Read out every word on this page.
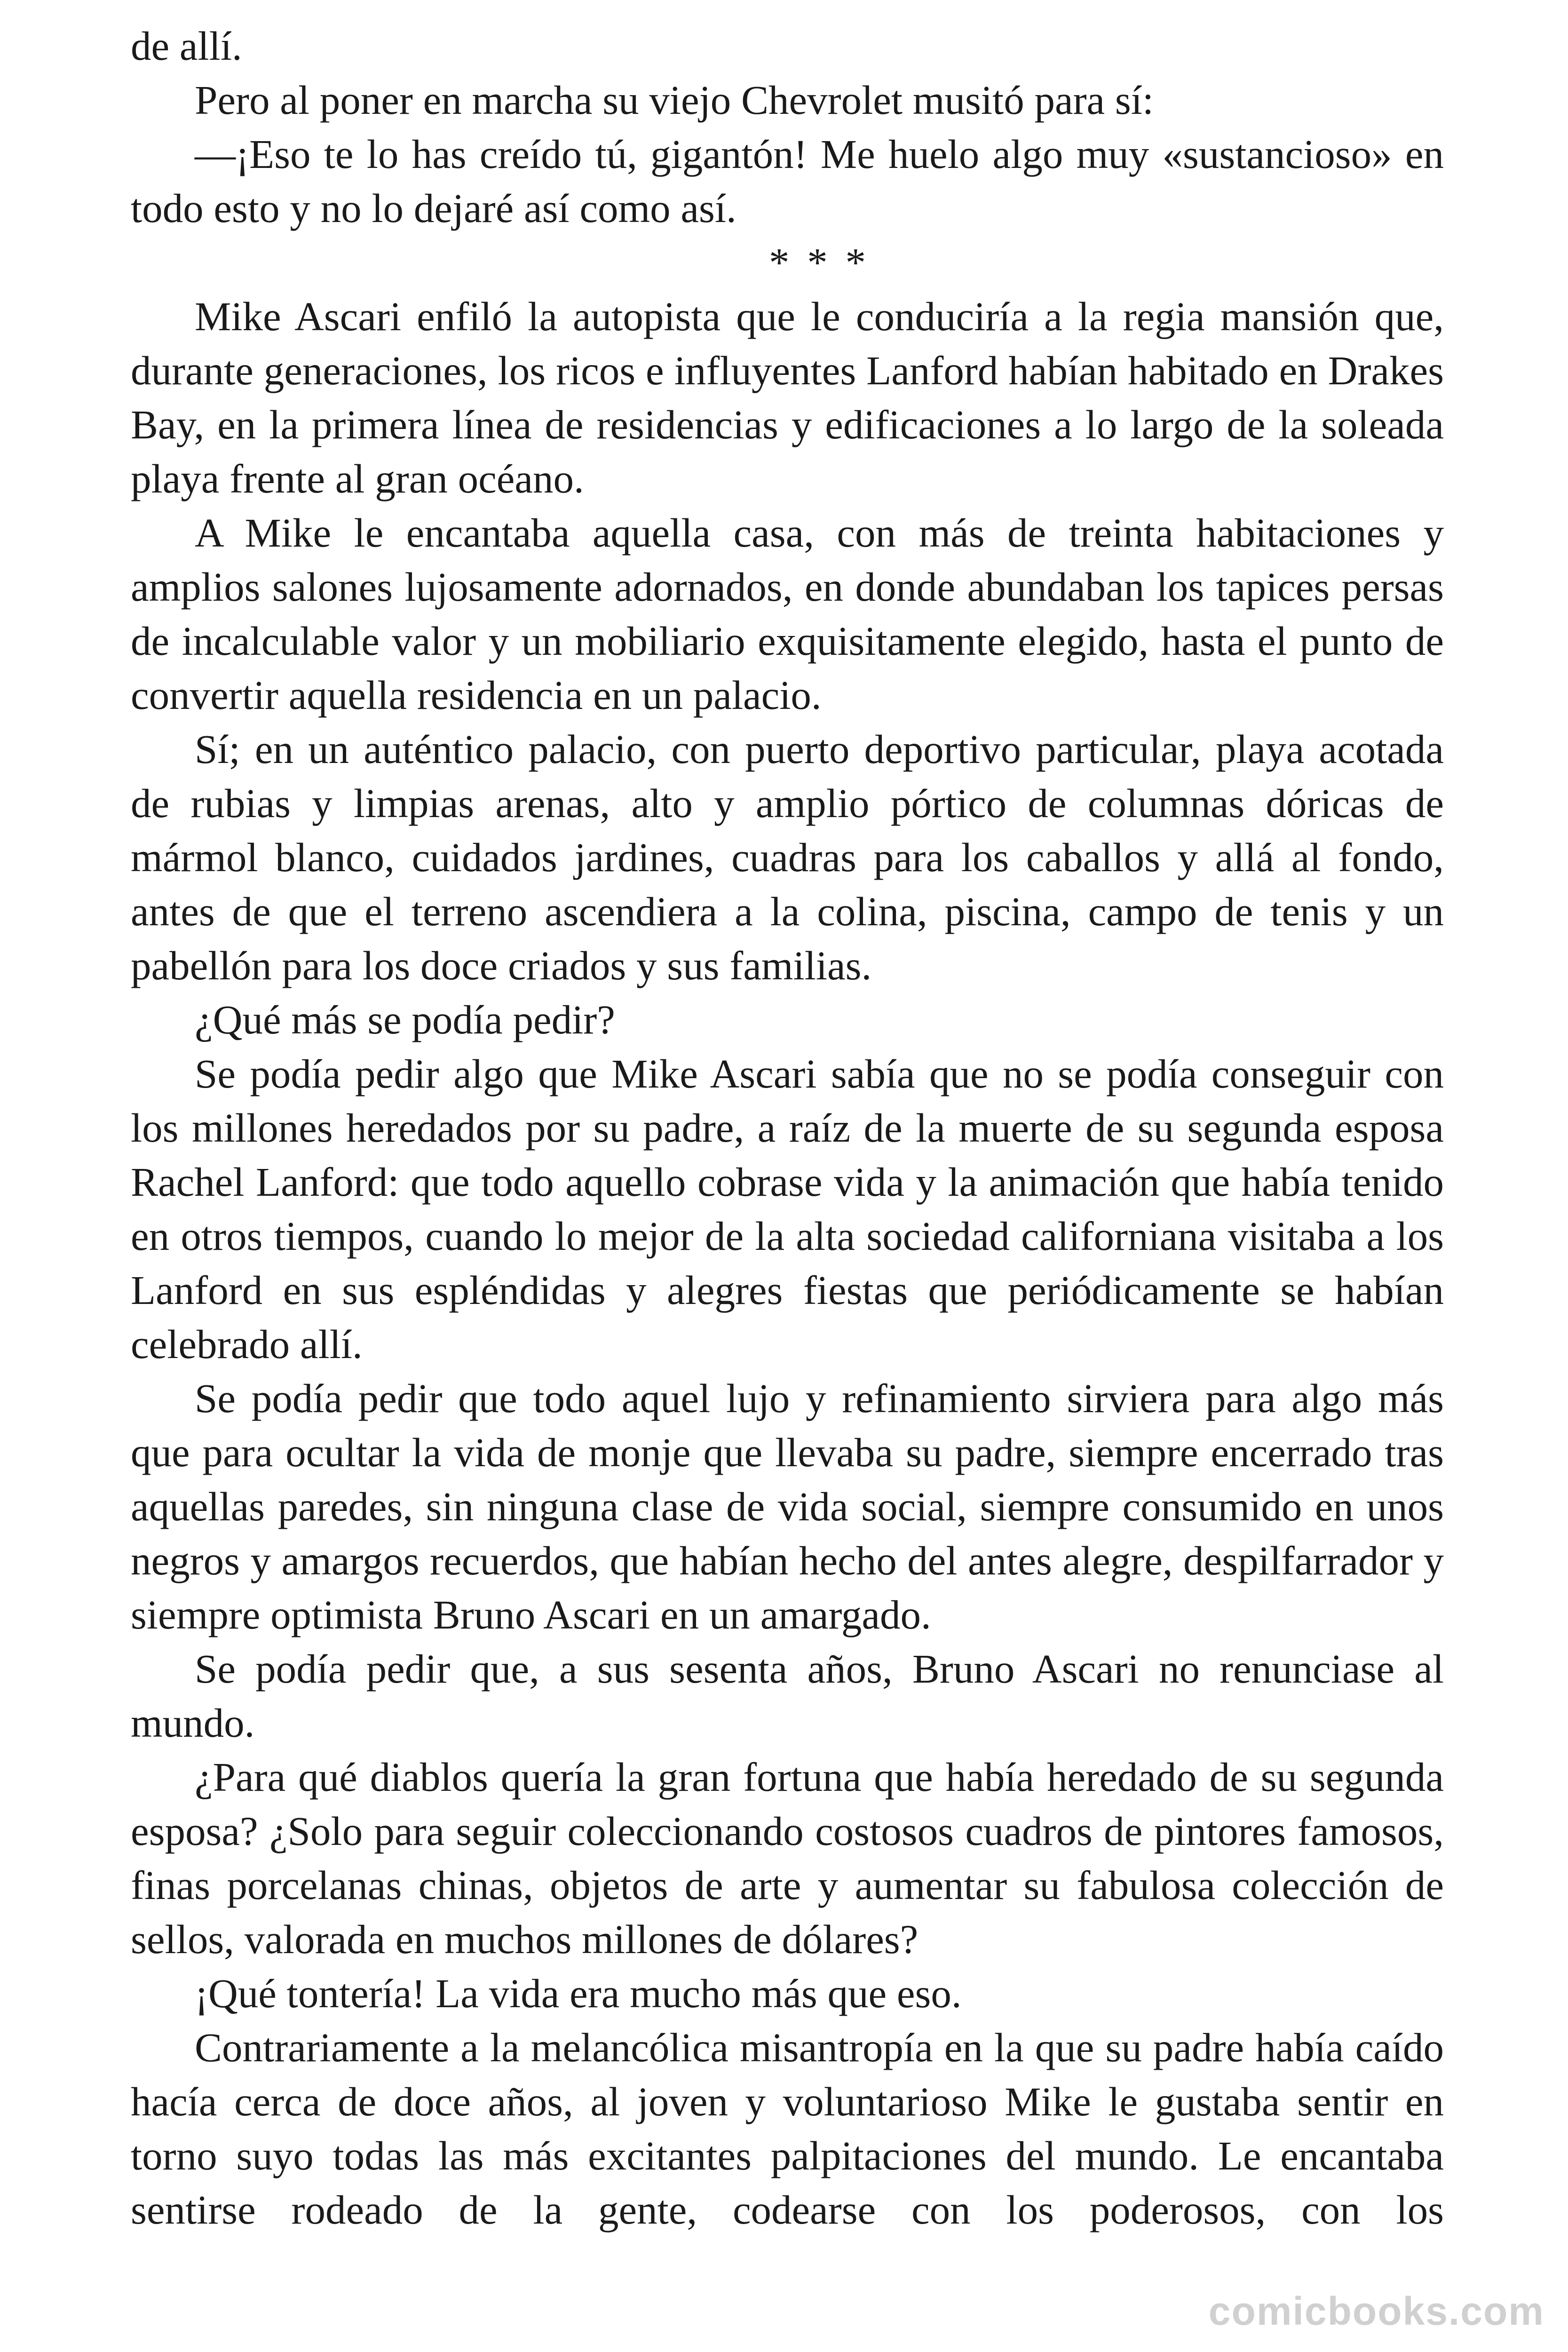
de allí.

Pero al poner en marcha su viejo Chevrolet musitó para sí:

—¡Eso te lo has creído tú, gigantón! Me huelo algo muy «sustancioso» en todo esto y no lo dejaré así como así.

* * *

Mike Ascari enfiló la autopista que le conduciría a la regia mansión que, durante generaciones, los ricos e influyentes Lanford habían habitado en Drakes Bay, en la primera línea de residencias y edificaciones a lo largo de la soleada playa frente al gran océano.

A Mike le encantaba aquella casa, con más de treinta habitaciones y amplios salones lujosamente adornados, en donde abundaban los tapices persas de incalculable valor y un mobiliario exquisitamente elegido, hasta el punto de convertir aquella residencia en un palacio.

Sí; en un auténtico palacio, con puerto deportivo particular, playa acotada de rubias y limpias arenas, alto y amplio pórtico de columnas dóricas de mármol blanco, cuidados jardines, cuadras para los caballos y allá al fondo, antes de que el terreno ascendiera a la colina, piscina, campo de tenis y un pabellón para los doce criados y sus familias.

¿Qué más se podía pedir?

Se podía pedir algo que Mike Ascari sabía que no se podía conseguir con los millones heredados por su padre, a raíz de la muerte de su segunda esposa Rachel Lanford: que todo aquello cobrase vida y la animación que había tenido en otros tiempos, cuando lo mejor de la alta sociedad californiana visitaba a los Lanford en sus espléndidas y alegres fiestas que periódicamente se habían celebrado allí.

Se podía pedir que todo aquel lujo y refinamiento sirviera para algo más que para ocultar la vida de monje que llevaba su padre, siempre encerrado tras aquellas paredes, sin ninguna clase de vida social, siempre consumido en unos negros y amargos recuerdos, que habían hecho del antes alegre, despilfarrador y siempre optimista Bruno Ascari en un amargado.

Se podía pedir que, a sus sesenta años, Bruno Ascari no renunciase al mundo.

¿Para qué diablos quería la gran fortuna que había heredado de su segunda esposa? ¿Solo para seguir coleccionando costosos cuadros de pintores famosos, finas porcelanas chinas, objetos de arte y aumentar su fabulosa colección de sellos, valorada en muchos millones de dólares?

¡Qué tontería! La vida era mucho más que eso.

Contrariamente a la melancólica misantropía en la que su padre había caído hacía cerca de doce años, al joven y voluntarioso Mike le gustaba sentir en torno suyo todas las más excitantes palpitaciones del mundo. Le encantaba sentirse rodeado de la gente, codearse con los poderosos, con los

comicbooks.com
